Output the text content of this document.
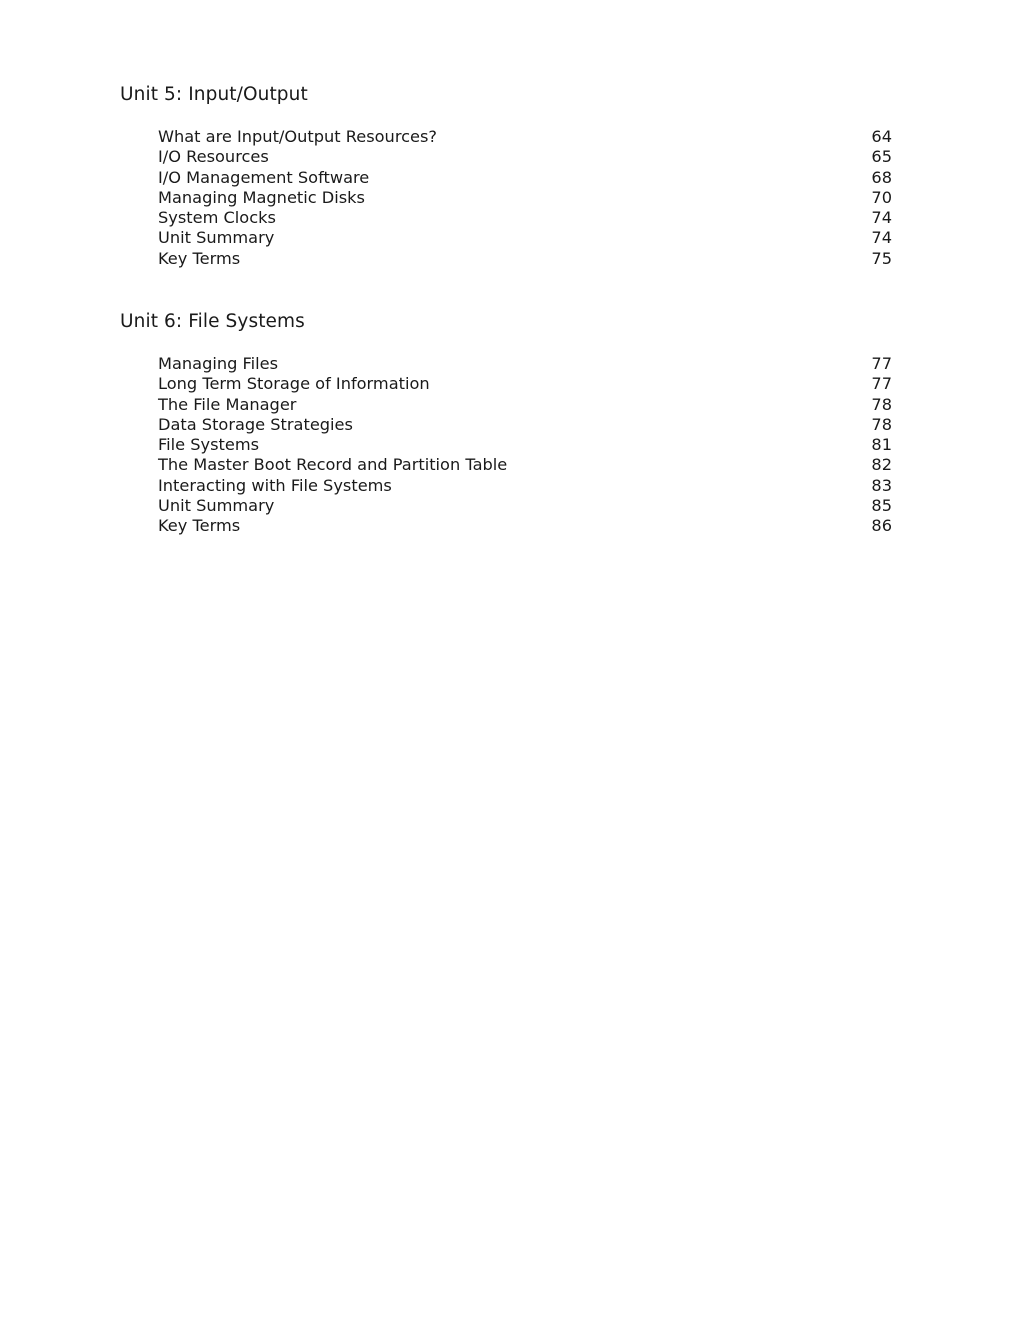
Unit 5: Input/Output
What are Input/Output Resources?	64
I/O Resources	65
I/O Management Software	68
Managing Magnetic Disks	70
System Clocks	74
Unit Summary	74
Key Terms	75
Unit 6: File Systems
Managing Files	77
Long Term Storage of Information	77
The File Manager	78
Data Storage Strategies	78
File Systems	81
The Master Boot Record and Partition Table	82
Interacting with File Systems	83
Unit Summary	85
Key Terms	86
